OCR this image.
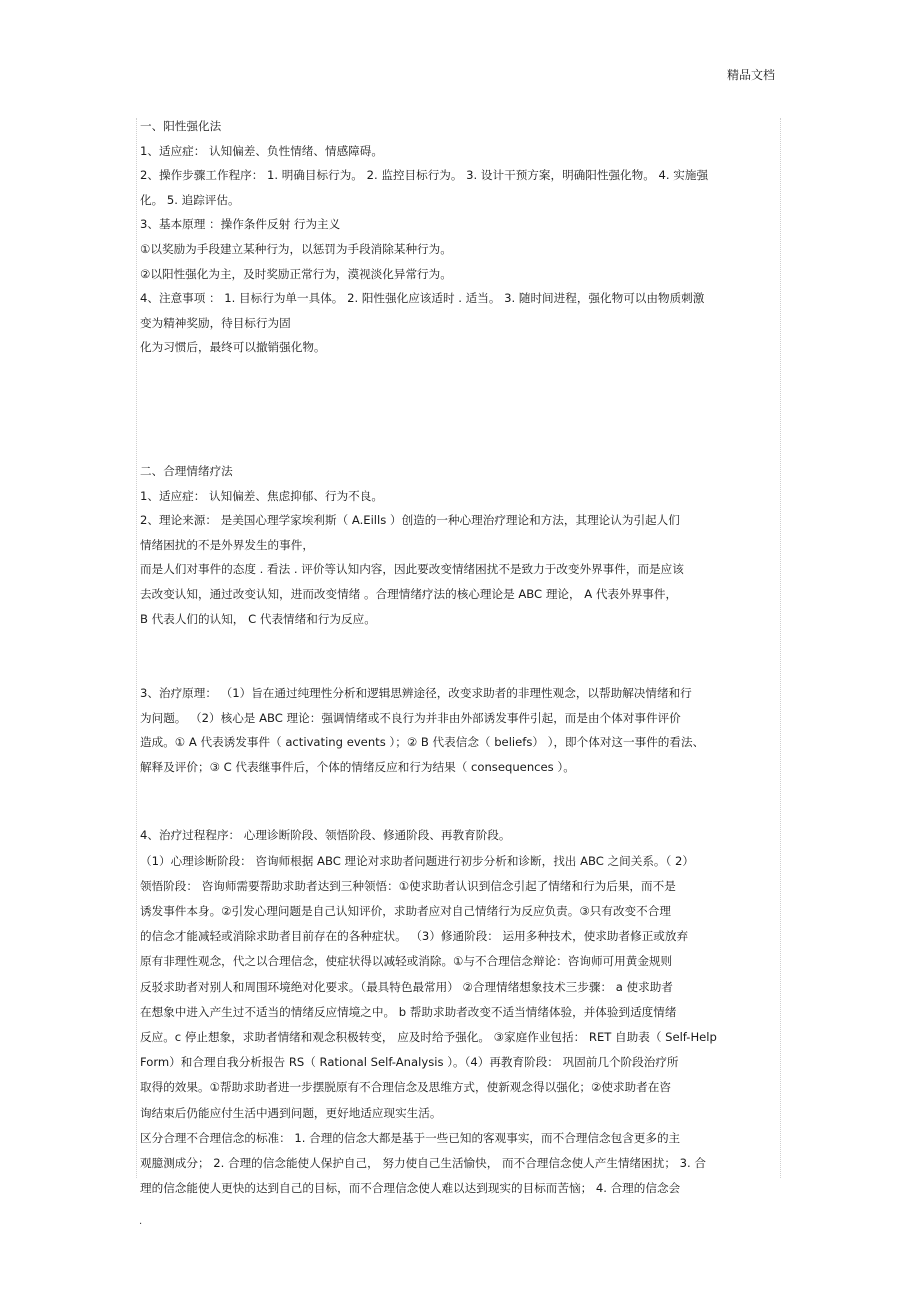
精品文档
一、阳性强化法
1、适应症： 认知偏差、负性情绪、情感障碍。
2、操作步骤工作程序： 1. 明确目标行为。 2. 监控目标行为。 3. 设计干预方案，明确阳性强化物。 4. 实施强
化。 5. 追踪评估。
3、基本原理 ：操作条件反射 行为主义
①以奖励为手段建立某种行为，以惩罚为手段消除某种行为。
②以阳性强化为主，及时奖励正常行为，漠视淡化异常行为。
4、注意事项 ： 1. 目标行为单一具体。 2. 阳性强化应该适时 . 适当。 3. 随时间进程，强化物可以由物质刺激
变为精神奖励，待目标行为固
化为习惯后，最终可以撤销强化物。
二、合理情绪疗法
1、适应症： 认知偏差、焦虑抑郁、行为不良。
2、理论来源： 是美国心理学家埃利斯（ A.Eills ）创造的一种心理治疗理论和方法，其理论认为引起人们
情绪困扰的不是外界发生的事件，
而是人们对事件的态度 . 看法 . 评价等认知内容，因此要改变情绪困扰不是致力于改变外界事件，而是应该
去改变认知，通过改变认知，进而改变情绪 。合理情绪疗法的核心理论是 ABC 理论， A 代表外界事件，
B 代表人们的认知， C 代表情绪和行为反应。
3、治疗原理： （1）旨在通过纯理性分析和逻辑思辨途径，改变求助者的非理性观念，以帮助解决情绪和行
为问题。 （2）核心是 ABC 理论：强调情绪或不良行为并非由外部诱发事件引起，而是由个体对事件评价
造成。① A 代表诱发事件（ activating events ）；② B 代表信念（ beliefs） ），即个体对这一事件的看法、
解释及评价；③ C 代表继事件后，个体的情绪反应和行为结果（ consequences ）。
4、治疗过程程序： 心理诊断阶段、领悟阶段、修通阶段、再教育阶段。
（1）心理诊断阶段： 咨询师根据 ABC 理论对求助者问题进行初步分析和诊断，找出 ABC 之间关系。（ 2）
领悟阶段： 咨询师需要帮助求助者达到三种领悟：①使求助者认识到信念引起了情绪和行为后果，而不是
诱发事件本身。②引发心理问题是自己认知评价，求助者应对自己情绪行为反应负责。③只有改变不合理
的信念才能减轻或消除求助者目前存在的各种症状。 （3）修通阶段： 运用多种技术，使求助者修正或放弃
原有非理性观念，代之以合理信念，使症状得以减轻或消除。①与不合理信念辩论：咨询师可用黄金规则
反驳求助者对别人和周围环境绝对化要求。（最具特色最常用） ②合理情绪想象技术三步骤： a 使求助者
在想象中进入产生过不适当的情绪反应情境之中。 b 帮助求助者改变不适当情绪体验，并体验到适度情绪
反应。c 停止想象，求助者情绪和观念积极转变， 应及时给予强化。 ③家庭作业包括： RET 自助表（ Self-Help
Form）和合理自我分析报告 RS（ Rational Self-Analysis ）。（4）再教育阶段： 巩固前几个阶段治疗所
取得的效果。①帮助求助者进一步摆脱原有不合理信念及思维方式，使新观念得以强化；②使求助者在咨
询结束后仍能应付生活中遇到问题，更好地适应现实生活。
区分合理不合理信念的标准： 1. 合理的信念大都是基于一些已知的客观事实，而不合理信念包含更多的主
观臆测成分； 2. 合理的信念能使人保护自己， 努力使自己生活愉快， 而不合理信念使人产生情绪困扰； 3. 合
理的信念能使人更快的达到自己的目标，而不合理信念使人难以达到现实的目标而苦恼； 4. 合理的信念会
.
